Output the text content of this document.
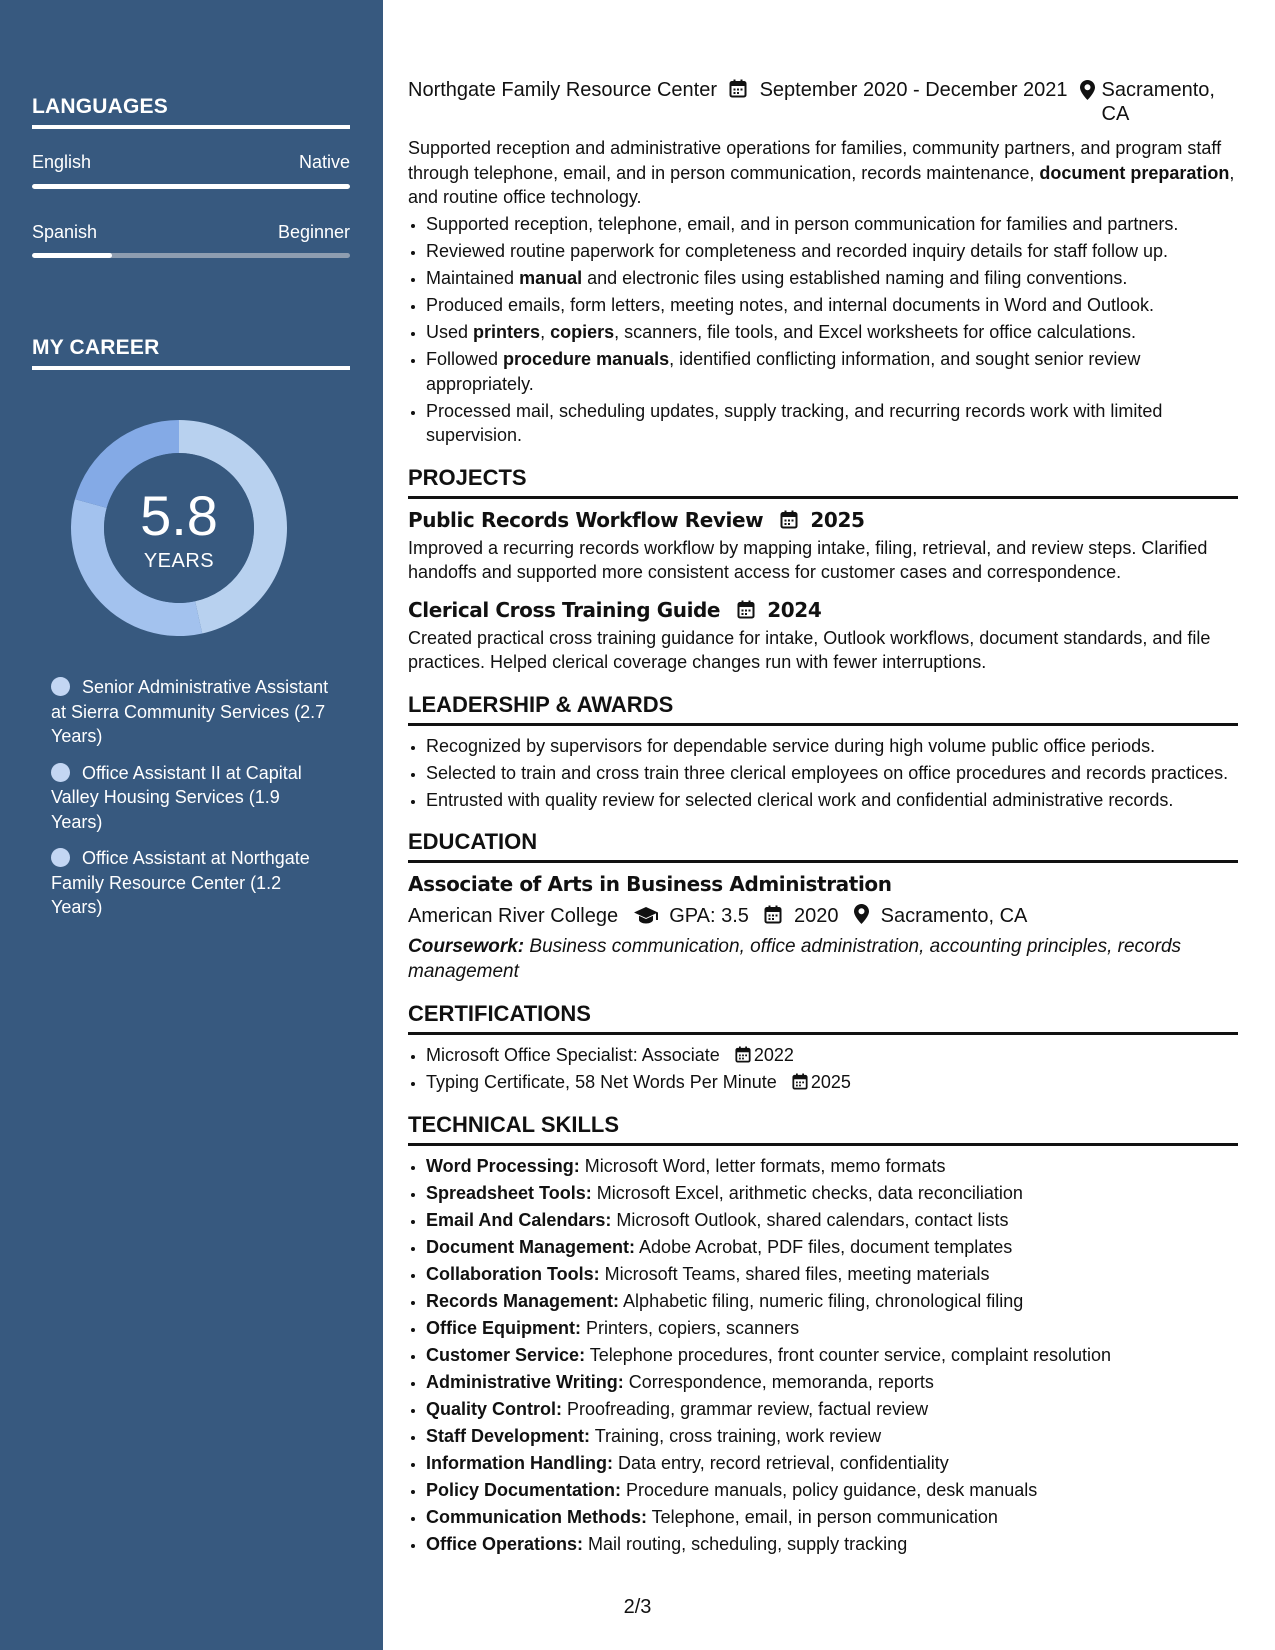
LANGUAGES
English	Native
Spanish	Beginner
MY CAREER
5.8
YEARS
Senior Administrative Assistant at Sierra Community Services (2.7 Years)
Office Assistant II at Capital Valley Housing Services (1.9 Years)
Office Assistant at Northgate Family Resource Center (1.2 Years)
Northgate Family Resource Center	September 2020 - December 2021 Sacramento, CA

Supported reception and administrative operations for families, community partners, and program staff through telephone, email, and in person communication, records maintenance, document preparation, and routine office technology.

• Supported reception, telephone, email, and in person communication for families and partners.
• Reviewed routine paperwork for completeness and recorded inquiry details for staff follow up.
• Maintained manual and electronic files using established naming and filing conventions.
• Produced emails, form letters, meeting notes, and internal documents in Word and Outlook.
• Used printers, copiers, scanners, file tools, and Excel worksheets for office calculations.
• Followed procedure manuals, identified conflicting information, and sought senior review appropriately.
• Processed mail, scheduling updates, supply tracking, and recurring records work with limited supervision.
PROJECTS
Public Records Workflow Review 2025

Improved a recurring records workflow by mapping intake, filing, retrieval, and review steps. Clarified handoffs and supported more consistent access for customer cases and correspondence.

Clerical Cross Training Guide 2024

Created practical cross training guidance for intake, Outlook workflows, document standards, and file practices. Helped clerical coverage changes run with fewer interruptions.

LEADERSHIP & AWARDS
• Recognized by supervisors for dependable service during high volume public office periods.
• Selected to train and cross train three clerical employees on office procedures and records practices.
• Entrusted with quality review for selected clerical work and confidential administrative records.
EDUCATION
Associate of Arts in Business Administration
American River College	GPA: 3.5 2020 Sacramento, CA

Coursework: Business communication, office administration, accounting principles, records management

CERTIFICATIONS
• Microsoft Office Specialist: Associate 2022
• Typing Certificate, 58 Net Words Per Minute 2025
TECHNICAL SKILLS
• Word Processing: Microsoft Word, letter formats, memo formats
• Spreadsheet Tools: Microsoft Excel, arithmetic checks, data reconciliation
• Email And Calendars: Microsoft Outlook, shared calendars, contact lists
• Document Management: Adobe Acrobat, PDF files, document templates
• Collaboration Tools: Microsoft Teams, shared files, meeting materials
• Records Management: Alphabetic filing, numeric filing, chronological filing
• Office Equipment: Printers, copiers, scanners
• Customer Service: Telephone procedures, front counter service, complaint resolution
• Administrative Writing: Correspondence, memoranda, reports
• Quality Control: Proofreading, grammar review, factual review
• Staff Development: Training, cross training, work review
• Information Handling: Data entry, record retrieval, confidentiality
• Policy Documentation: Procedure manuals, policy guidance, desk manuals
• Communication Methods: Telephone, email, in person communication
• Office Operations: Mail routing, scheduling, supply tracking
2/3
